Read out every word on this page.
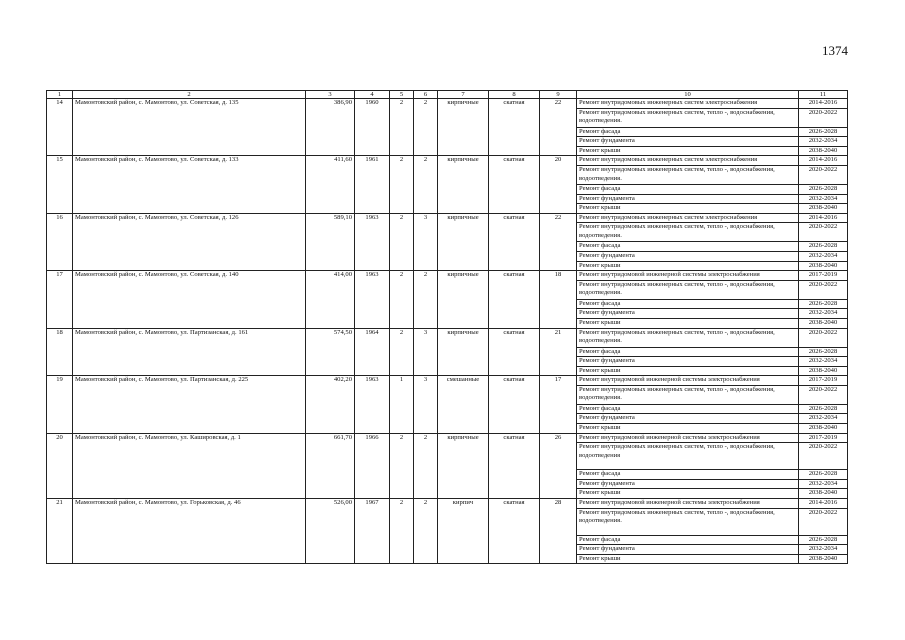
1374
1	2	3	4	5	6	7	8	9	10	11
14	Мамонтовский район, с. Мамонтово, ул. Советская, д. 135	386,90	1960	2	2	кирпичные	скатная	22	Ремонт внутридомовых инженерных систем электроснабжения	2014-2016
									Ремонт внутридомовых инженерных систем, тепло -, водоснабжения, водоотведения.	2020-2022
									Ремонт фасада	2026-2028
									Ремонт фундамента	2032-2034
									Ремонт крыши	2038-2040
15	Мамонтовский район, с. Мамонтово, ул. Советская, д. 133	411,60	1961	2	2	кирпичные	скатная	20	Ремонт внутридомовых инженерных систем электроснабжения	2014-2016
									Ремонт внутридомовых инженерных систем, тепло -, водоснабжения, водоотведения.	2020-2022
									Ремонт фасада	2026-2028
									Ремонт фундамента	2032-2034
									Ремонт крыши	2038-2040
16	Мамонтовский район, с. Мамонтово, ул. Советская, д. 126	589,10	1963	2	3	кирпичные	скатная	22	Ремонт внутридомовых инженерных систем электроснабжения	2014-2016
									Ремонт внутридомовых инженерных систем, тепло -, водоснабжения, водоотведения.	2020-2022
									Ремонт фасада	2026-2028
									Ремонт фундамента	2032-2034
									Ремонт крыши	2038-2040
17	Мамонтовский район, с. Мамонтово, ул. Советская, д. 140	414,00	1963	2	2	кирпичные	скатная	18	Ремонт внутридомовой инженерной системы электроснабжения	2017-2019
									Ремонт внутридомовых инженерных систем, тепло -, водоснабжения, водоотведения.	2020-2022
									Ремонт фасада	2026-2028
									Ремонт фундамента	2032-2034
									Ремонт крыши	2038-2040
18	Мамонтовский район, с. Мамонтово, ул. Партизанская, д. 161	574,50	1964	2	3	кирпичные	скатная	21	Ремонт внутридомовых инженерных систем, тепло -, водоснабжения, водоотведения.	2020-2022
									Ремонт фасада	2026-2028
									Ремонт фундамента	2032-2034
									Ремонт крыши	2038-2040
19	Мамонтовский район, с. Мамонтово, ул. Партизанская, д. 225	402,20	1963	1	3	смешанные	скатная	17	Ремонт внутридомовой инженерной системы электроснабжения	2017-2019
									Ремонт внутридомовых инженерных систем, тепло -, водоснабжения, водоотведения.	2020-2022
									Ремонт фасада	2026-2028
									Ремонт фундамента	2032-2034
									Ремонт крыши	2038-2040
20	Мамонтовский район, с. Мамонтово, ул. Кашировская, д. 1	661,70	1966	2	2	кирпичные	скатная	26	Ремонт внутридомовой инженерной системы электроснабжения	2017-2019
									Ремонт внутридомовых инженерных систем, тепло -, водоснабжения, водоотведения	2020-2022
									Ремонт фасада	2026-2028
									Ремонт фундамента	2032-2034
									Ремонт крыши	2038-2040
21	Мамонтовский район, с. Мамонтово, ул. Горьковская, д. 46	526,00	1967	2	2	кирпич	скатная	28	Ремонт внутридомовой инженерной системы электроснабжения	2014-2016
									Ремонт внутридомовых инженерных систем, тепло -, водоснабжения, водоотведения.	2020-2022
									Ремонт фасада	2026-2028
									Ремонт фундамента	2032-2034
									Ремонт крыши	2038-2040
